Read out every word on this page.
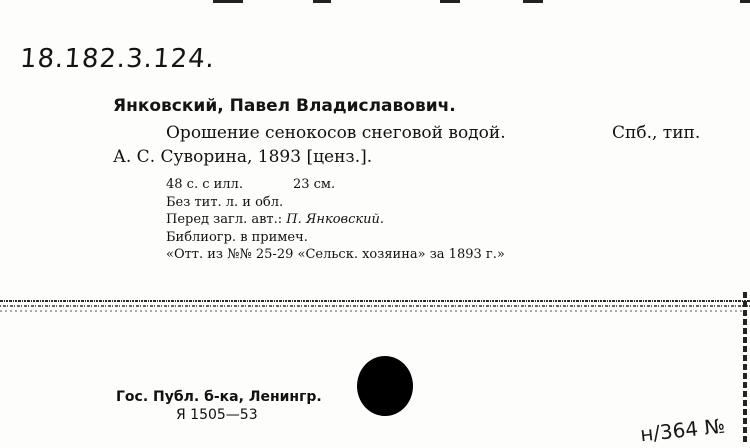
18.182.3.124.
Янковский, Павел Владиславович.
Орошение сенокосов снеговой водой.	Спб., тип.
А. С. Суворина, 1893 [ценз.].
48 с. с илл.	23 см.
Без тит. л. и обл.
Перед загл. авт.: П. Янковский.
Библиогр. в примеч.
«Отт. из №№ 25-29 «Сельск. хозяина» за 1893 г.»
Гос. Публ. б-ка, Ленингр.
Я 1505—53	н/364 №
